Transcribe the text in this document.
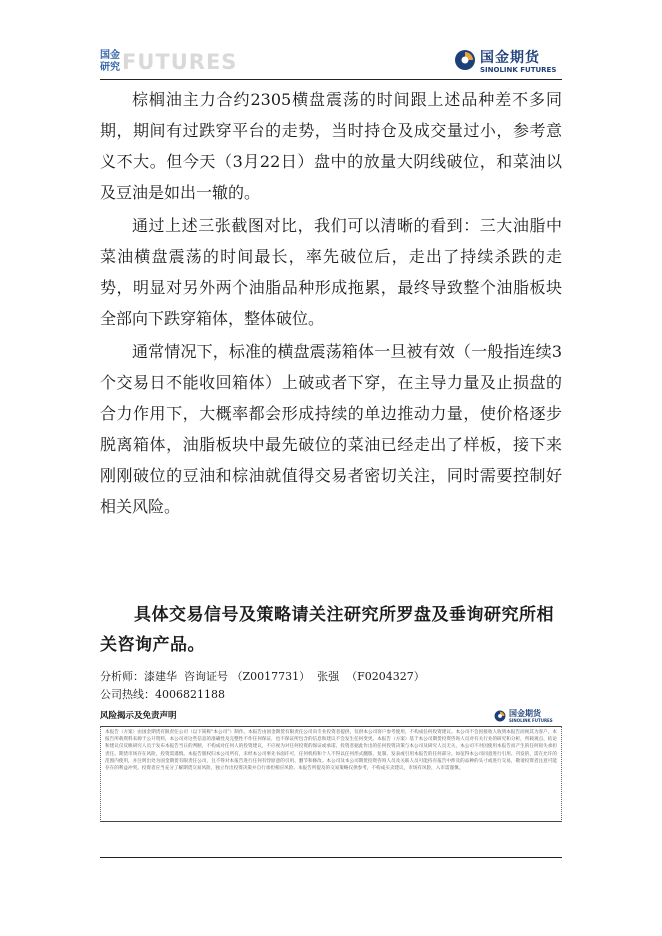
国金
研究 FUTURES	国金期货
SINOLINK FUTURES

棕榈油主力合约2305横盘震荡的时间跟上述品种差不多同期，期间有过跌穿平台的走势，当时持仓及成交量过小，参考意义不大。但今天（3月22日）盘中的放量大阴线破位，和菜油以及豆油是如出一辙的。

通过上述三张截图对比，我们可以清晰的看到：三大油脂中菜油横盘震荡的时间最长，率先破位后，走出了持续杀跌的走势，明显对另外两个油脂品种形成拖累，最终导致整个油脂板块全部向下跌穿箱体，整体破位。

通常情况下，标准的横盘震荡箱体一旦被有效（一般指连续3个交易日不能收回箱体）上破或者下穿，在主导力量及止损盘的合力作用下，大概率都会形成持续的单边推动力量，使价格逐步脱离箱体，油脂板块中最先破位的菜油已经走出了样板，接下来刚刚破位的豆油和棕油就值得交易者密切关注，同时需要控制好相关风险。

具体交易信号及策略请关注研究所罗盘及垂询研究所相关咨询产品。
分析师：漆建华  咨询证号 （Z0017731）  张强  （F0204327）
公司热线：4006821188
风险揭示及免责声明	国金期货
SINOLINK FUTURES

本报告（方案）由国金期货有限责任公司（以下简称“本公司”）制作。本报告由国金期货有限责任公司向专业投资者提供，仅供本公司客户参考使用，不构成任何投资建议。本公司不会因接收人收到本报告而视其为客户。本报告所载资料来源于公开资料，本公司对这些信息的准确性及完整性不作任何保证，也不保证所包含的信息和建议不会发生任何变更。本报告（方案）基于本公司期货投资咨询人员对有关行业的研究和分析，所载观点、结论和建议仅反映研究人员于发布本报告当日的判断，不构成对任何人的投资建议，不应视为对任何投资的保证或承诺。投资者据此作出的任何投资决策与本公司及研究人员无关，本公司不对因使用本报告而产生的任何损失承担责任。期货市场存在风险，投资需谨慎。本报告版权归本公司所有，未经本公司事先书面许可，任何机构和个人不得以任何形式翻版、复制、发表或引用本报告的任何部分。如征得本公司同意进行引用、刊发的，需在允许的范围内使用，并注明出处为国金期货有限责任公司，且不得对本报告进行任何有悖原意的引用、删节和修改。本公司及本公司期货投资咨询人员及关联人员可能持有报告中涉及的品种的头寸或进行交易，敬请投资者注意可能存在的利益冲突。投资者应当充分了解期货交易风险，独立作出投资决策并自行承担相应风险。本报告所提及的交易策略仅供参考，不构成买卖建议，市场有风险，入市需谨慎。
